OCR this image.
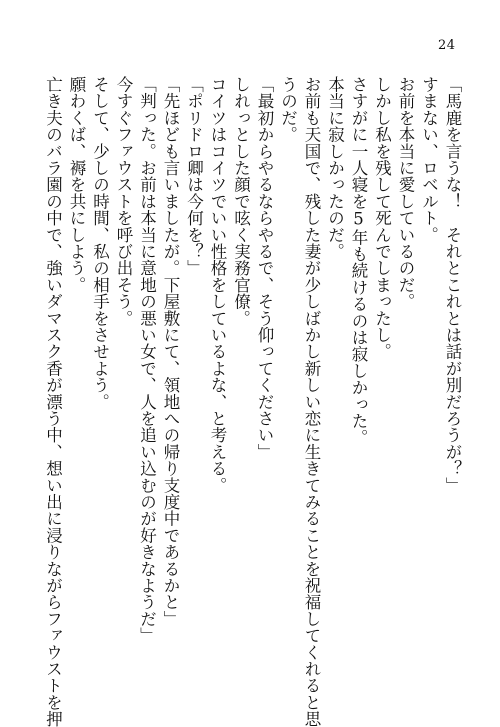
24
「馬鹿を言うな！　それとこれとは話が別だろうが？」
すまない、ロベルト。
お前を本当に愛しているのだ。
しかし私を残して死んでしまったし。
さすがに一人寝を5年も続けるのは寂しかった。
本当に寂しかったのだ。
お前も天国で、残した妻が少しばかし新しい恋に生きてみることを祝福してくれると思
うのだ。
「最初からやるならやるで、そう仰ってください」
しれっとした顔で呟く実務官僚。
コイツはコイツでいい性格をしているよな、と考える。
「ポリドロ卿は今何を？」
「先ほども言いましたが。下屋敷にて、領地への帰り支度中であるかと」
「判った。お前は本当に意地の悪い女で、人を追い込むのが好きなようだ」
今すぐファウストを呼び出そう。
そして、少しの時間、私の相手をさせよう。
願わくば、褥を共にしよう。
亡き夫のバラ園の中で、強いダマスク香が漂う中、想い出に浸りながらファウストを押
